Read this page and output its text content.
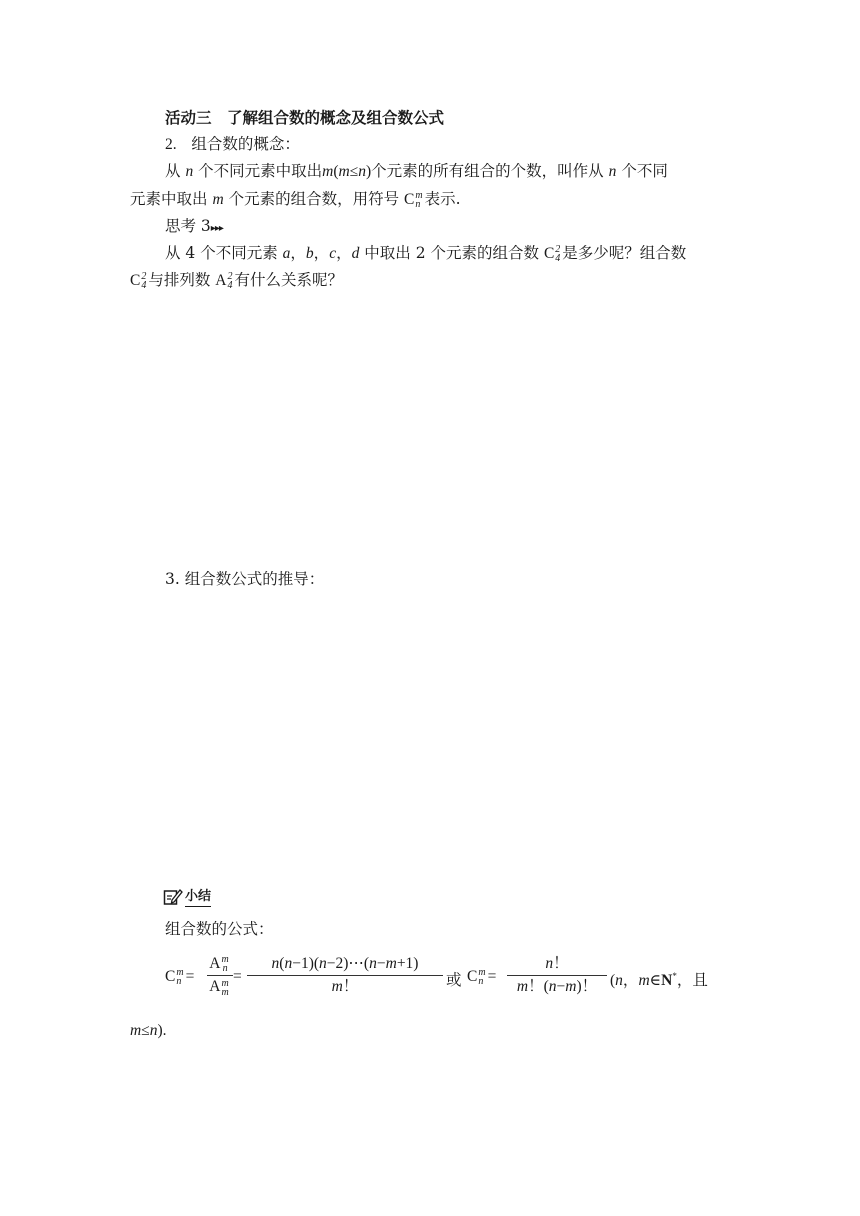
活动三　了解组合数的概念及组合数公式
2. 组合数的概念：
从 n 个不同元素中取出m(m≤n)个元素的所有组合的个数，叫作从 n 个不同
元素中取出 m 个元素的组合数，用符号 C m
n 表示.
思考 3▸▸▸
从 4 个不同元素 a，b，c，d 中取出 2 个元素的组合数 C 2
4 是多少呢？组合数
C 2
4 与排列数 A 2
4 有什么关系呢？
3. 组合数公式的推导：
小结
组合数的公式：
C m
n =
A m
n
A m
m
=
n(n−1)(n−2)⋯(n−m+1)
m！	或 C m
n =
n！
m！(n−m)！ (n，m∈N*，且
m≤n).
